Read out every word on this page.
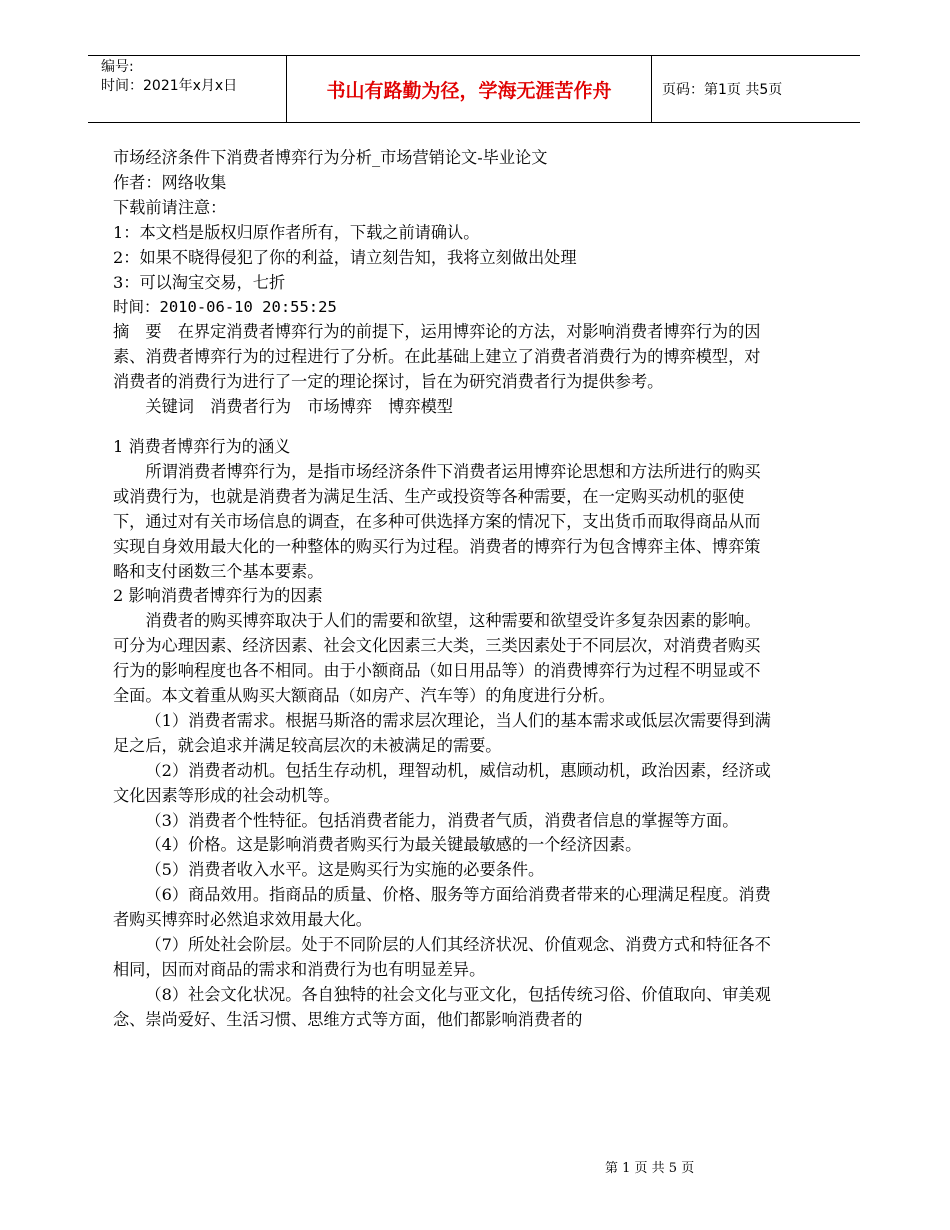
编号:
时间：2021年x月x日	书山有路勤为径，学海无涯苦作舟	页码：第1页 共5页

市场经济条件下消费者博弈行为分析_市场营销论文-毕业论文

作者：网络收集

下载前请注意：

1：本文档是版权归原作者所有，下载之前请确认。

2：如果不晓得侵犯了你的利益，请立刻告知，我将立刻做出处理

3：可以淘宝交易，七折

时间：2010-06-10 20:55:25

摘　要　在界定消费者博弈行为的前提下，运用博弈论的方法，对影响消费者博弈行为的因素、消费者博弈行为的过程进行了分析。在此基础上建立了消费者消费行为的博弈模型，对消费者的消费行为进行了一定的理论探讨，旨在为研究消费者行为提供参考。

关键词　消费者行为　市场博弈　博弈模型

1 消费者博弈行为的涵义

所谓消费者博弈行为，是指市场经济条件下消费者运用博弈论思想和方法所进行的购买或消费行为，也就是消费者为满足生活、生产或投资等各种需要，在一定购买动机的驱使下，通过对有关市场信息的调查，在多种可供选择方案的情况下，支出货币而取得商品从而实现自身效用最大化的一种整体的购买行为过程。消费者的博弈行为包含博弈主体、博弈策略和支付函数三个基本要素。

2 影响消费者博弈行为的因素

消费者的购买博弈取决于人们的需要和欲望，这种需要和欲望受许多复杂因素的影响。可分为心理因素、经济因素、社会文化因素三大类，三类因素处于不同层次，对消费者购买行为的影响程度也各不相同。由于小额商品（如日用品等）的消费博弈行为过程不明显或不全面。本文着重从购买大额商品（如房产、汽车等）的角度进行分析。

（1）消费者需求。根据马斯洛的需求层次理论，当人们的基本需求或低层次需要得到满足之后，就会追求并满足较高层次的未被满足的需要。

（2）消费者动机。包括生存动机，理智动机，威信动机，惠顾动机，政治因素，经济或文化因素等形成的社会动机等。

（3）消费者个性特征。包括消费者能力，消费者气质，消费者信息的掌握等方面。

（4）价格。这是影响消费者购买行为最关键最敏感的一个经济因素。

（5）消费者收入水平。这是购买行为实施的必要条件。

（6）商品效用。指商品的质量、价格、服务等方面给消费者带来的心理满足程度。消费者购买博弈时必然追求效用最大化。

（7）所处社会阶层。处于不同阶层的人们其经济状况、价值观念、消费方式和特征各不相同，因而对商品的需求和消费行为也有明显差异。

（8）社会文化状况。各自独特的社会文化与亚文化，包括传统习俗、价值取向、审美观念、崇尚爱好、生活习惯、思维方式等方面，他们都影响消费者的

第 1 页 共 5 页
